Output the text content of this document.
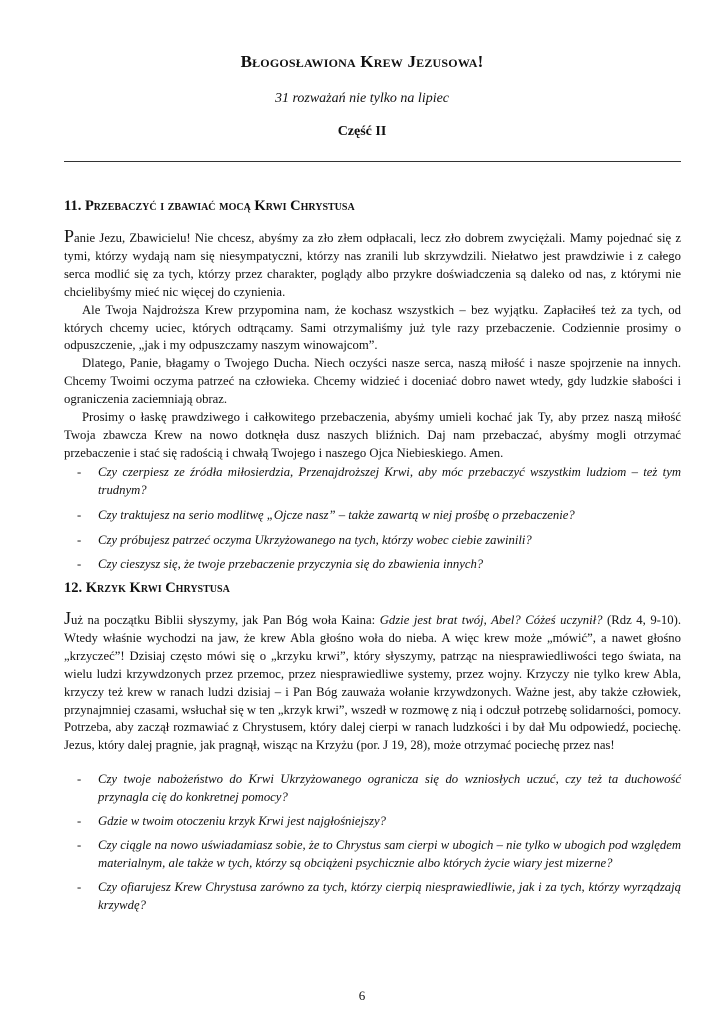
Błogosławiona Krew Jezusowa!
31 rozważań nie tylko na lipiec
Część II
11. Przebaczyć i zbawiać mocą Krwi Chrystusa

Panie Jezu, Zbawicielu! Nie chcesz, abyśmy za zło złem odpłacali, lecz zło dobrem zwyciężali. Mamy pojednać się z tymi, którzy wydają nam się niesympatyczni, którzy nas zranili lub skrzywdzili. Niełatwo jest prawdziwie i z całego serca modlić się za tych, którzy przez charakter, poglądy albo przykre doświadczenia są daleko od nas, z którymi nie chcielibyśmy mieć nic więcej do czynienia.

Ale Twoja Najdroższa Krew przypomina nam, że kochasz wszystkich – bez wyjątku. Zapłaciłeś też za tych, od których chcemy uciec, których odtrącamy. Sami otrzymaliśmy już tyle razy przebaczenie. Codziennie prosimy o odpuszczenie, „jak i my odpuszczamy naszym winowajcom”.

Dlatego, Panie, błagamy o Twojego Ducha. Niech oczyści nasze serca, naszą miłość i nasze spojrzenie na innych. Chcemy Twoimi oczyma patrzeć na człowieka. Chcemy widzieć i doceniać dobro nawet wtedy, gdy ludzkie słabości i ograniczenia zaciemniają obraz.

Prosimy o łaskę prawdziwego i całkowitego przebaczenia, abyśmy umieli kochać jak Ty, aby przez naszą miłość Twoja zbawcza Krew na nowo dotknęła dusz naszych bliźnich. Daj nam przebaczać, abyśmy mogli otrzymać przebaczenie i stać się radością i chwałą Twojego i naszego Ojca Niebieskiego. Amen.

- Czy czerpiesz ze źródła miłosierdzia, Przenajdroższej Krwi, aby móc przebaczyć wszystkim ludziom – też tym trudnym?
- Czy traktujesz na serio modlitwę „Ojcze nasz” – także zawartą w niej prośbę o przebaczenie?
- Czy próbujesz patrzeć oczyma Ukrzyżowanego na tych, którzy wobec ciebie zawinili?
- Czy cieszysz się, że twoje przebaczenie przyczynia się do zbawienia innych?
12. Krzyk Krwi Chrystusa

Już na początku Biblii słyszymy, jak Pan Bóg woła Kaina: Gdzie jest brat twój, Abel? Cóżeś uczynił? (Rdz 4, 9-10). Wtedy właśnie wychodzi na jaw, że krew Abla głośno woła do nieba. A więc krew może „mówić”, a nawet głośno „krzyczeć”! Dzisiaj często mówi się o „krzyku krwi”, który słyszymy, patrząc na niesprawiedliwości tego świata, na wielu ludzi krzywdzonych przez przemoc, przez niesprawiedliwe systemy, przez wojny. Krzyczy nie tylko krew Abla, krzyczy też krew w ranach ludzi dzisiaj – i Pan Bóg zauważa wołanie krzywdzonych. Ważne jest, aby także człowiek, przynajmniej czasami, wsłuchał się w ten „krzyk krwi”, wszedł w rozmowę z nią i odczuł potrzebę solidarności, pomocy. Potrzeba, aby zaczął rozmawiać z Chrystusem, który dalej cierpi w ranach ludzkości i by dał Mu odpowiedź, pociechę. Jezus, który dalej pragnie, jak pragnął, wisząc na Krzyżu (por. J 19, 28), może otrzymać pociechę przez nas!

- Czy twoje nabożeństwo do Krwi Ukrzyżowanego ogranicza się do wzniosłych uczuć, czy też ta duchowość przynagla cię do konkretnej pomocy?
- Gdzie w twoim otoczeniu krzyk Krwi jest najgłośniejszy?
- Czy ciągle na nowo uświadamiasz sobie, że to Chrystus sam cierpi w ubogich – nie tylko w ubogich pod względem materialnym, ale także w tych, którzy są obciążeni psychicznie albo których życie wiary jest mizerne?
- Czy ofiarujesz Krew Chrystusa zarówno za tych, którzy cierpią niesprawiedliwie, jak i za tych, którzy wyrządzają krzywdę?
6
